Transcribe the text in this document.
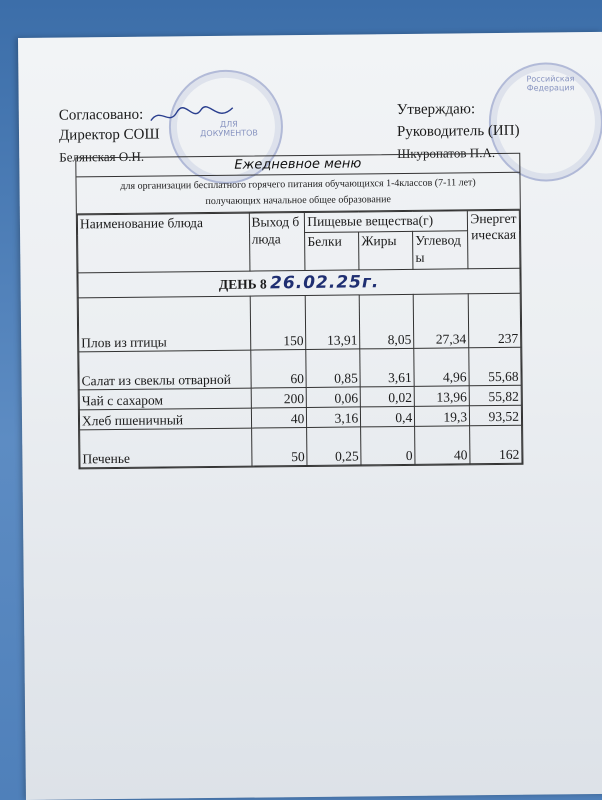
ДЛЯ ДОКУМЕНТОВ
Российская Федерация
Согласовано:
Директор СОШ
Белянская О.Н.
Утверждаю:
Руководитель (ИП)
Шкуропатов П.А.
Ежедневное меню
для организации бесплатного горячего питания обучающихся 1-4классов (7-11 лет)
получающих начальное общее образование
Наименование блюда	Выход блюда	Пищевые вещества(г)			Энергетическая
		Белки	Жиры	Углеводы	
ДЕНЬ 8 26.02.25г.					
Плов из птицы	150	13,91	8,05	27,34	237
Салат из свеклы отварной	60	0,85	3,61	4,96	55,68
Чай с сахаром	200	0,06	0,02	13,96	55,82
Хлеб пшеничный	40	3,16	0,4	19,3	93,52
Печенье	50	0,25	0	40	162
